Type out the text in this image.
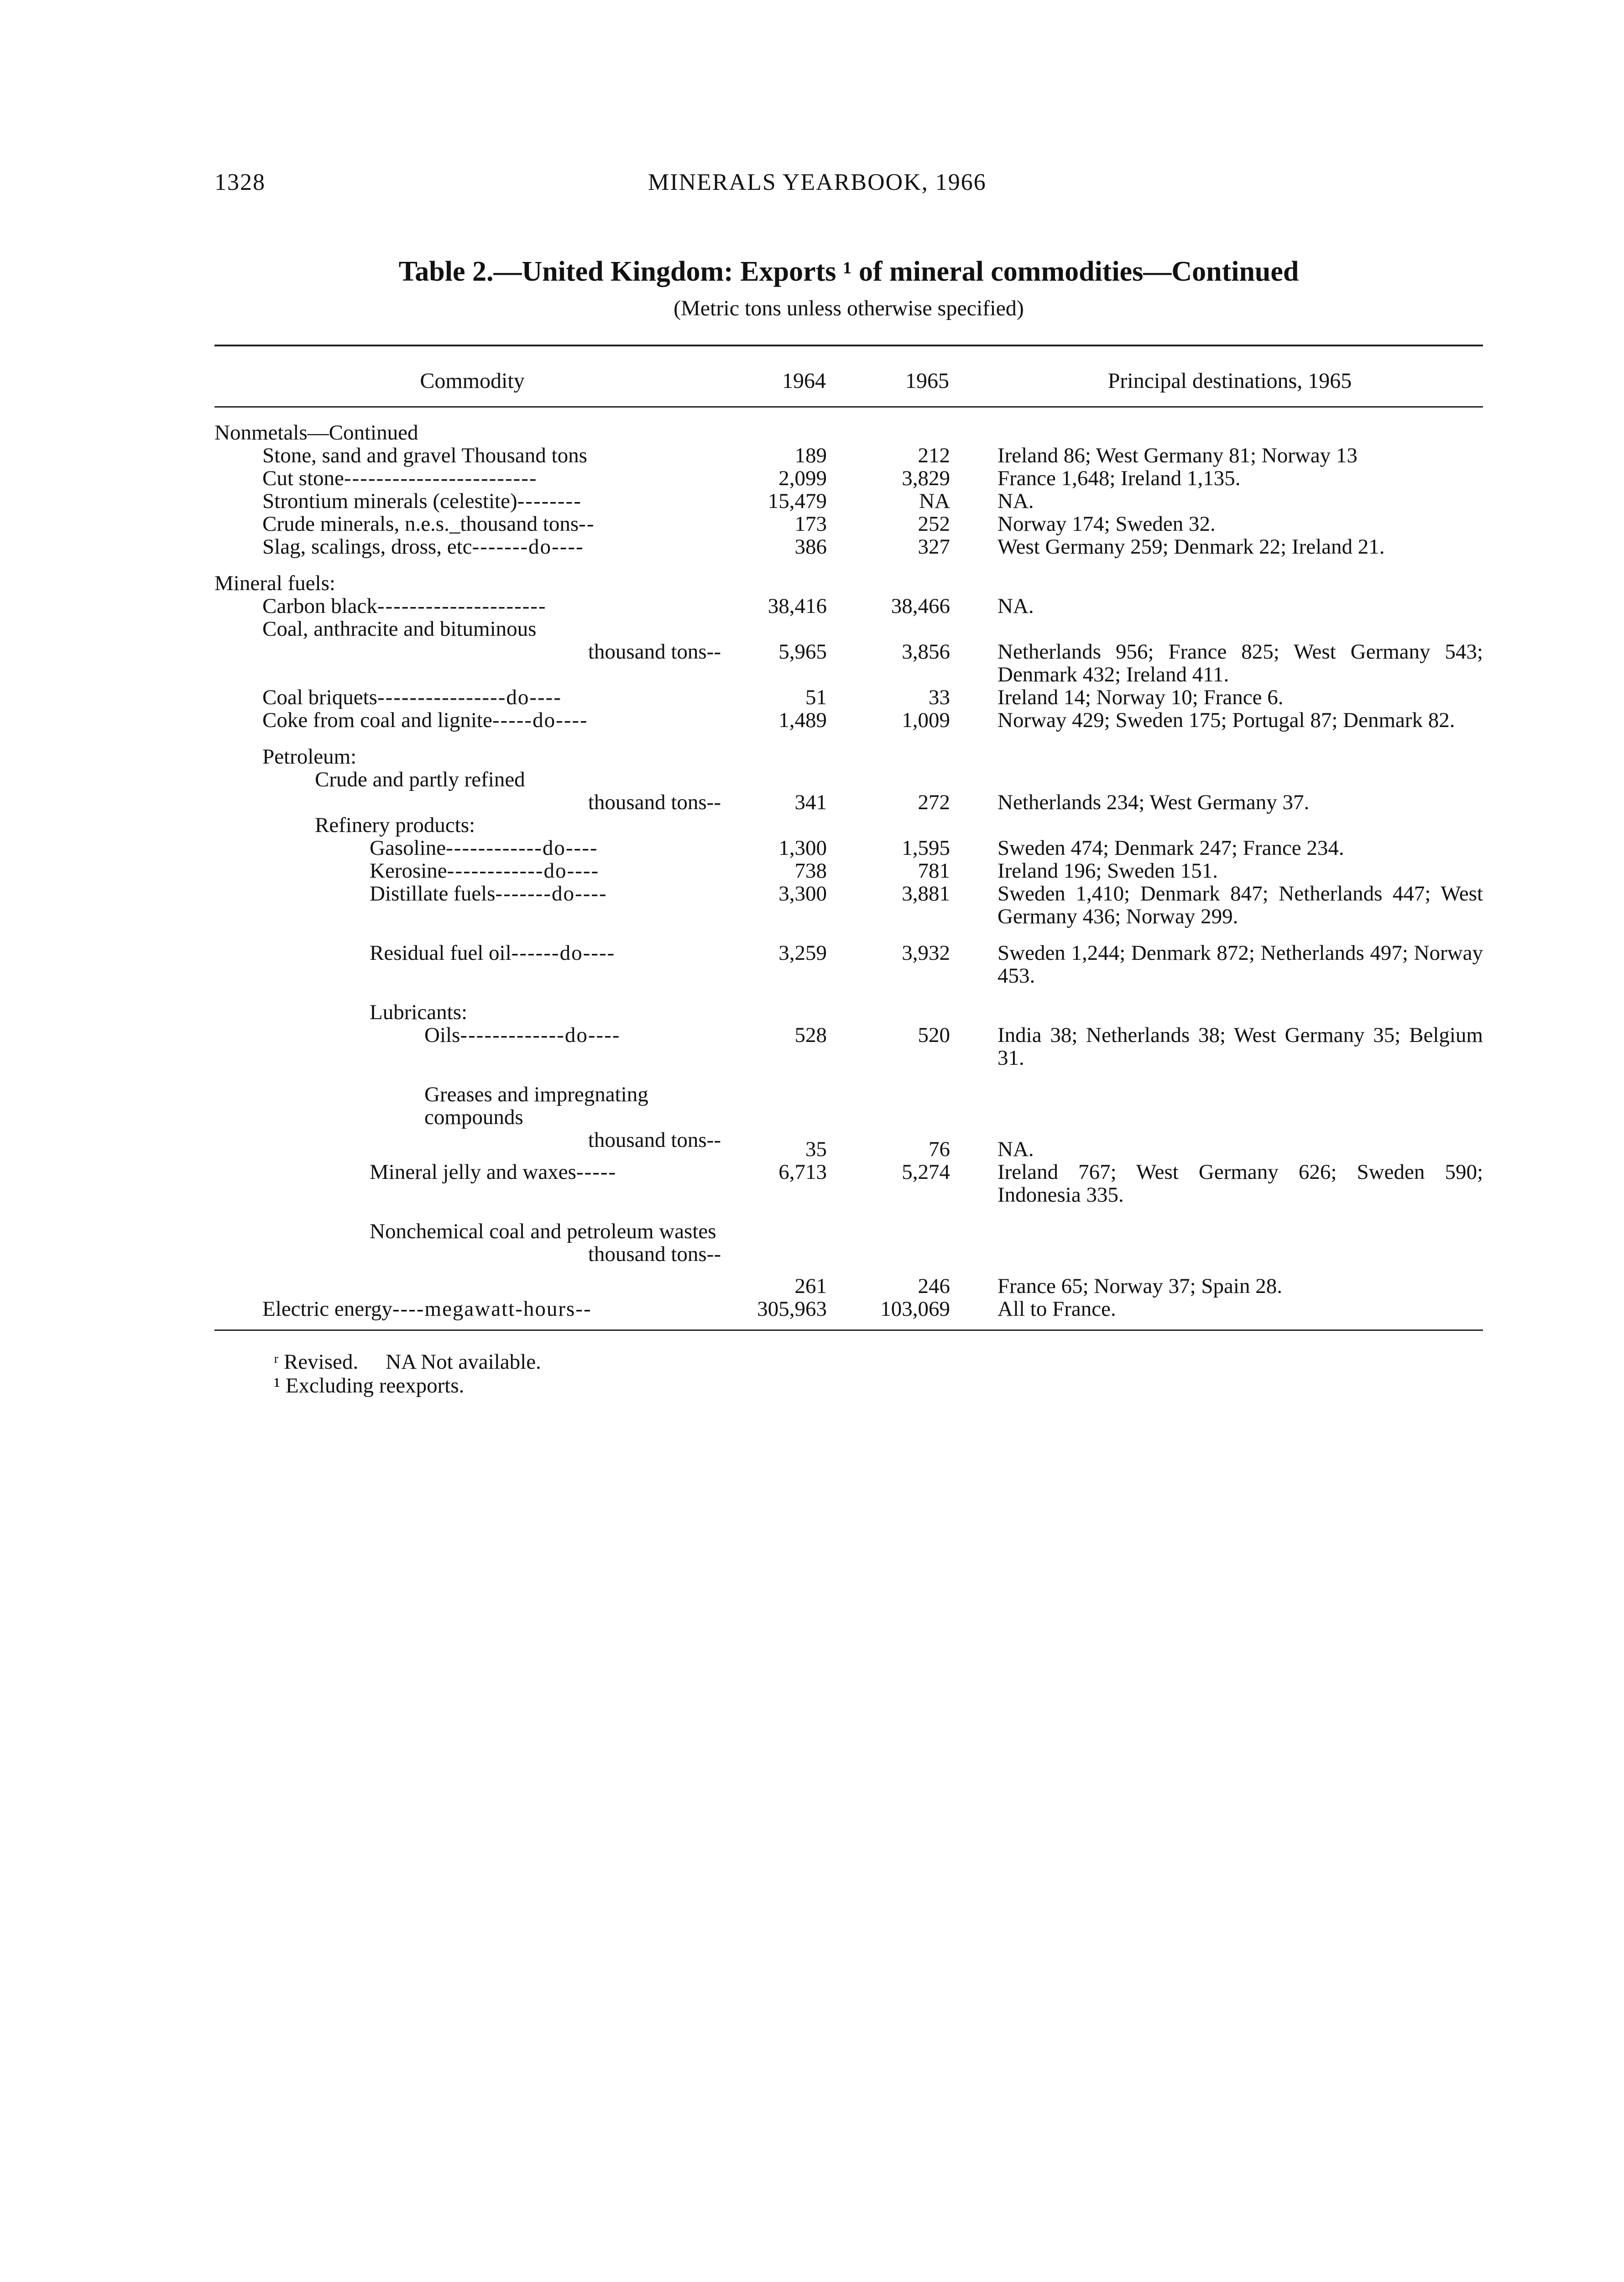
1328	MINERALS YEARBOOK, 1966
Table 2.—United Kingdom: Exports ¹ of mineral commodities—Continued
(Metric tons unless otherwise specified)
Commodity	1964	1965	Principal destinations, 1965

Nonmetals—Continued			

Stone, sand and gravel Thousand tons	189	212	Ireland 86; West Germany 81; Norway 13

Cut stone------------------------	2,099	3,829	France 1,648; Ireland 1,135.

Strontium minerals (celestite)--------	15,479	NA	NA.

Crude minerals, n.e.s._thousand tons--	173	252	Norway 174; Sweden 32.

Slag, scalings, dross, etc-------do----	386	327	West Germany 259; Denmark 22; Ireland 21.

Mineral fuels:			

Carbon black---------------------	38,416	38,466	NA.

Coal, anthracite and bituminous
thousand tons--	5,965	3,856	Netherlands 956; France 825; West Germany 543; Denmark 432; Ireland 411.

Coal briquets----------------do----	51	33	Ireland 14; Norway 10; France 6.

Coke from coal and lignite-----do----	1,489	1,009	Norway 429; Sweden 175; Portugal 87; Denmark 82.

Petroleum:			

Crude and partly refined
thousand tons--	341	272	Netherlands 234; West Germany 37.

Refinery products:			

Gasoline------------do----	1,300	1,595	Sweden 474; Denmark 247; France 234.

Kerosine------------do----	738	781	Ireland 196; Sweden 151.

Distillate fuels-------do----	3,300	3,881	Sweden 1,410; Denmark 847; Netherlands 447; West Germany 436; Norway 299.

Residual fuel oil------do----	3,259	3,932	Sweden 1,244; Denmark 872; Netherlands 497; Norway 453.

Lubricants:			

Oils-------------do----	528	520	India 38; Netherlands 38; West Germany 35; Belgium 31.

Greases and impregnating compounds
thousand tons--	35	76	NA.

Mineral jelly and waxes-----	6,713	5,274	Ireland 767; West Germany 626; Sweden 590; Indonesia 335.

Nonchemical coal and petroleum wastes
thousand tons--	261	246	France 65; Norway 37; Spain 28.

Electric energy----megawatt-hours--	305,963	103,069	All to France.
ʳ Revised. NA Not available.
¹ Excluding reexports.
